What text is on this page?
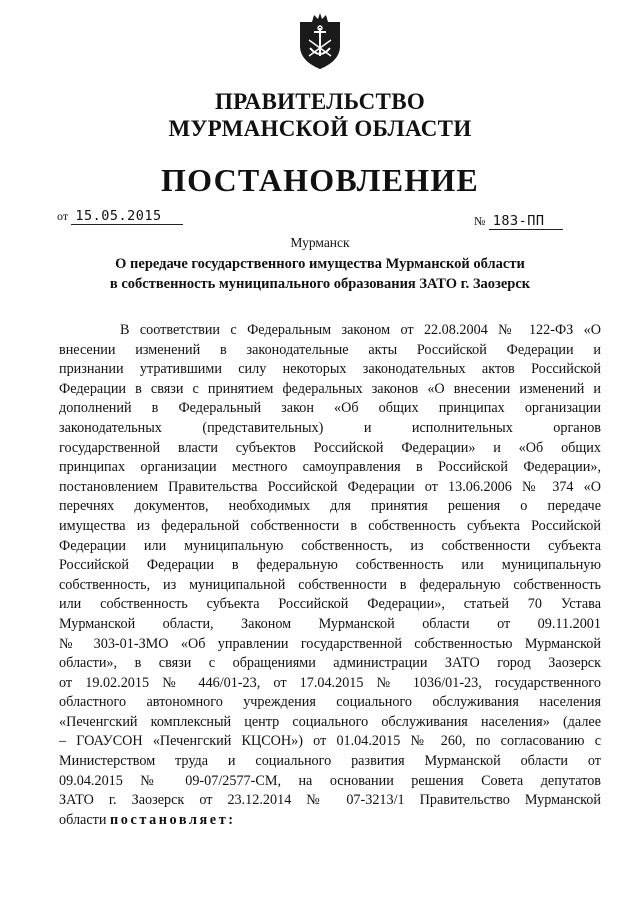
ПРАВИТЕЛЬСТВО
МУРМАНСКОЙ ОБЛАСТИ
ПОСТАНОВЛЕНИЕ
от 15.05.2015	№ 183-ПП
Мурманск
О передаче государственного имущества Мурманской области
в собственность муниципального образования ЗАТО г. Заозерск
В соответствии с Федеральным законом от 22.08.2004 № 122-ФЗ «О
внесении изменений в законодательные акты Российской Федерации и
признании утратившими силу некоторых законодательных актов Российской
Федерации в связи с принятием федеральных законов «О внесении изменений и
дополнений в Федеральный закон «Об общих принципах организации
законодательных (представительных) и исполнительных органов
государственной власти субъектов Российской Федерации» и «Об общих
принципах организации местного самоуправления в Российской Федерации»,
постановлением Правительства Российской Федерации от 13.06.2006 № 374 «О
перечнях документов, необходимых для принятия решения о передаче
имущества из федеральной собственности в собственность субъекта Российской
Федерации или муниципальную собственность, из собственности субъекта
Российской Федерации в федеральную собственность или муниципальную
собственность, из муниципальной собственности в федеральную собственность
или собственность субъекта Российской Федерации», статьей 70 Устава
Мурманской области, Законом Мурманской области от 09.11.2001
№ 303-01-ЗМО «Об управлении государственной собственностью Мурманской
области», в связи с обращениями администрации ЗАТО город Заозерск
от 19.02.2015 № 446/01-23, от 17.04.2015 № 1036/01-23, государственного
областного автономного учреждения социального обслуживания населения
«Печенгский комплексный центр социального обслуживания населения» (далее
– ГОАУСОН «Печенгский КЦСОН») от 01.04.2015 № 260, по согласованию с
Министерством труда и социального развития Мурманской области от
09.04.2015 № 09-07/2577-СМ, на основании решения Совета депутатов
ЗАТО г. Заозерск от 23.12.2014 № 07-3213/1 Правительство Мурманской
области постановляет:
